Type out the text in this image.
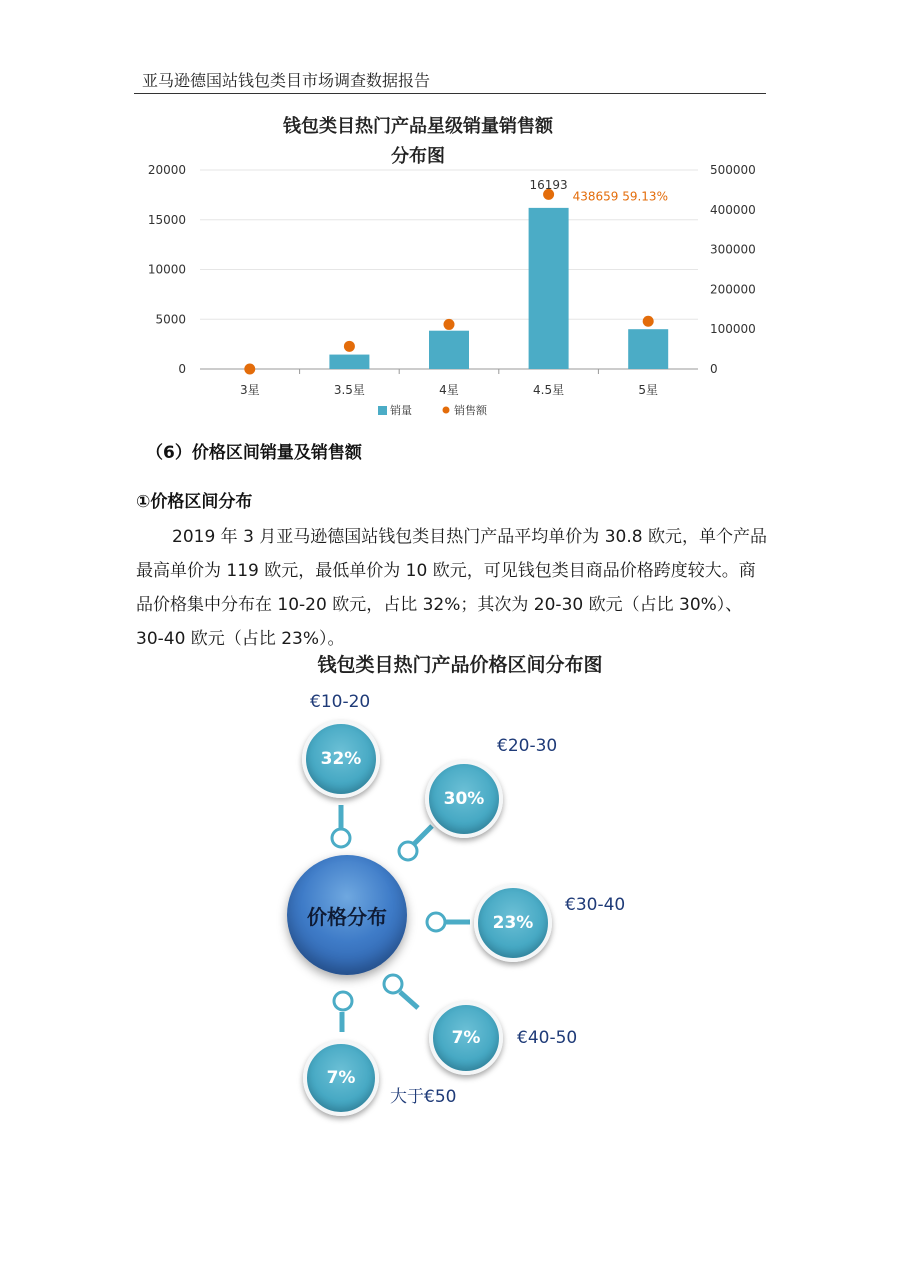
亚马逊德国站钱包类目市场调查数据报告
钱包类目热门产品星级销量销售额
分布图
0
5000
10000
15000
20000
0
100000
200000
300000
400000
500000
3星	3.5星	4星	4.5星	5星
16193
438659 59.13%
销量	销售额
（6）价格区间销量及销售额
①价格区间分布
2019 年 3 月亚马逊德国站钱包类目热门产品平均单价为 30.8 欧元，单个产品最高单价为 119 欧元，最低单价为 10 欧元，可见钱包类目商品价格跨度较大。商品价格集中分布在 10-20 欧元，占比 32%；其次为 20-30 欧元（占比 30%）、30-40 欧元（占比 23%）。
钱包类目热门产品价格区间分布图
价格分布
32%
30%
23%
7%
7%
€10-20
€20-30
€30-40
€40-50
大于€50
